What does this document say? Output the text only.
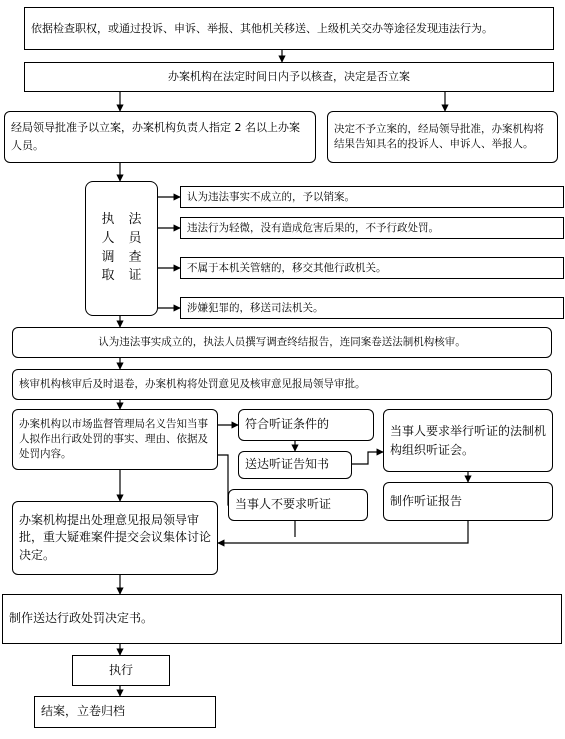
依据检查职权，或通过投诉、申诉、举报、其他机关移送、上级机关交办等途径发现违法行为。
办案机构在法定时间日内予以核查，决定是否立案
经局领导批准予以立案，办案机构负责人指定 2 名以上办案人员。
决定不予立案的，经局领导批准，办案机构将结果告知具名的投诉人、申诉人、举报人。
执
人
调
取
法
员
查
证
认为违法事实不成立的，予以销案。
违法行为轻微，没有造成危害后果的，不予行政处罚。
不属于本机关管辖的，移交其他行政机关。
涉嫌犯罪的，移送司法机关。
认为违法事实成立的，执法人员撰写调查终结报告，连同案卷送法制机构核审。
核审机构核审后及时退卷，办案机构将处罚意见及核审意见报局领导审批。
办案机构以市场监督管理局名义告知当事人拟作出行政处罚的事实、理由、依据及处罚内容。
符合听证条件的	当事人要求举行听证的法制机构组织听证会。
送达听证告知书
当事人不要求听证	制作听证报告
办案机构提出处理意见报局领导审批，重大疑难案件提交会议集体讨论决定。
制作送达行政处罚决定书。
执行
结案，立卷归档
